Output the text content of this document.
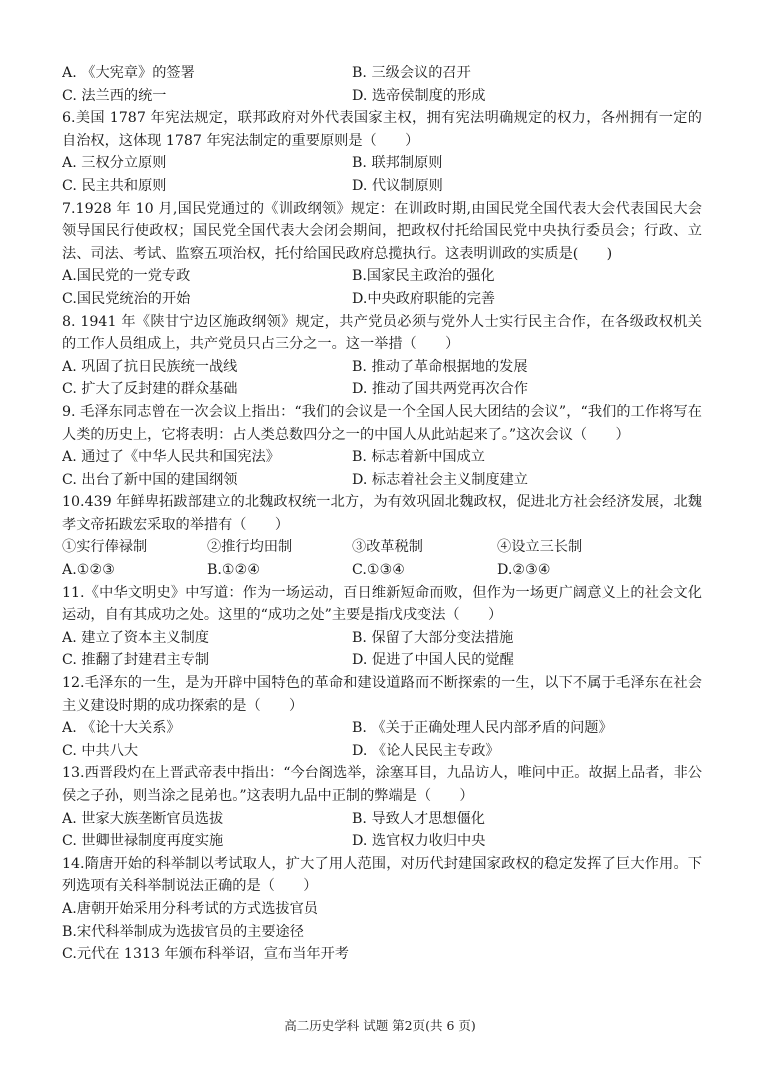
A. 《大宪章》的签署	B. 三级会议的召开
C. 法兰西的统一	D. 选帝侯制度的形成
6.美国 1787 年宪法规定，联邦政府对外代表国家主权，拥有宪法明确规定的权力，各州拥有一定的自治权，这体现 1787 年宪法制定的重要原则是（　　）
A. 三权分立原则	B. 联邦制原则
C. 民主共和原则	D. 代议制原则
7.1928 年 10 月,国民党通过的《训政纲领》规定：在训政时期,由国民党全国代表大会代表国民大会领导国民行使政权；国民党全国代表大会闭会期间，把政权付托给国民党中央执行委员会；行政、立法、司法、考试、监察五项治权，托付给国民政府总揽执行。这表明训政的实质是(　　)
A.国民党的一党专政	B.国家民主政治的强化
C.国民党统治的开始	D.中央政府职能的完善
8. 1941 年《陕甘宁边区施政纲领》规定，共产党员必须与党外人士实行民主合作，在各级政权机关的工作人员组成上，共产党员只占三分之一。这一举措（　　）
A. 巩固了抗日民族统一战线	B. 推动了革命根据地的发展
C. 扩大了反封建的群众基础	D. 推动了国共两党再次合作
9. 毛泽东同志曾在一次会议上指出：“我们的会议是一个全国人民大团结的会议”，“我们的工作将写在人类的历史上，它将表明：占人类总数四分之一的中国人从此站起来了。”这次会议（　　）
A. 通过了《中华人民共和国宪法》	B. 标志着新中国成立
C. 出台了新中国的建国纲领	D. 标志着社会主义制度建立
10.439 年鲜卑拓跋部建立的北魏政权统一北方，为有效巩固北魏政权，促进北方社会经济发展，北魏孝文帝拓跋宏采取的举措有（　　）
①实行俸禄制	②推行均田制	③改革税制	④设立三长制
A.①②③	B.①②④	C.①③④	D.②③④
11.《中华文明史》中写道：作为一场运动，百日维新短命而败，但作为一场更广阔意义上的社会文化运动，自有其成功之处。这里的“成功之处”主要是指戊戌变法（　　）
A. 建立了资本主义制度	B. 保留了大部分变法措施
C. 推翻了封建君主专制	D. 促进了中国人民的觉醒
12.毛泽东的一生，是为开辟中国特色的革命和建设道路而不断探索的一生，以下不属于毛泽东在社会主义建设时期的成功探索的是（　　）
A. 《论十大关系》	B. 《关于正确处理人民内部矛盾的问题》
C. 中共八大	D. 《论人民民主专政》
13.西晋段灼在上晋武帝表中指出：“今台阁选举，涂塞耳目，九品访人，唯问中正。故据上品者，非公侯之子孙，则当涂之昆弟也。”这表明九品中正制的弊端是（　　）
A. 世家大族垄断官员选拔	B. 导致人才思想僵化
C. 世卿世禄制度再度实施	D. 选官权力收归中央
14.隋唐开始的科举制以考试取人，扩大了用人范围，对历代封建国家政权的稳定发挥了巨大作用。下列选项有关科举制说法正确的是（　　）
A.唐朝开始采用分科考试的方式选拔官员
B.宋代科举制成为选拔官员的主要途径
C.元代在 1313 年颁布科举诏，宣布当年开考
高二历史学科 试题 第2页(共 6 页)
